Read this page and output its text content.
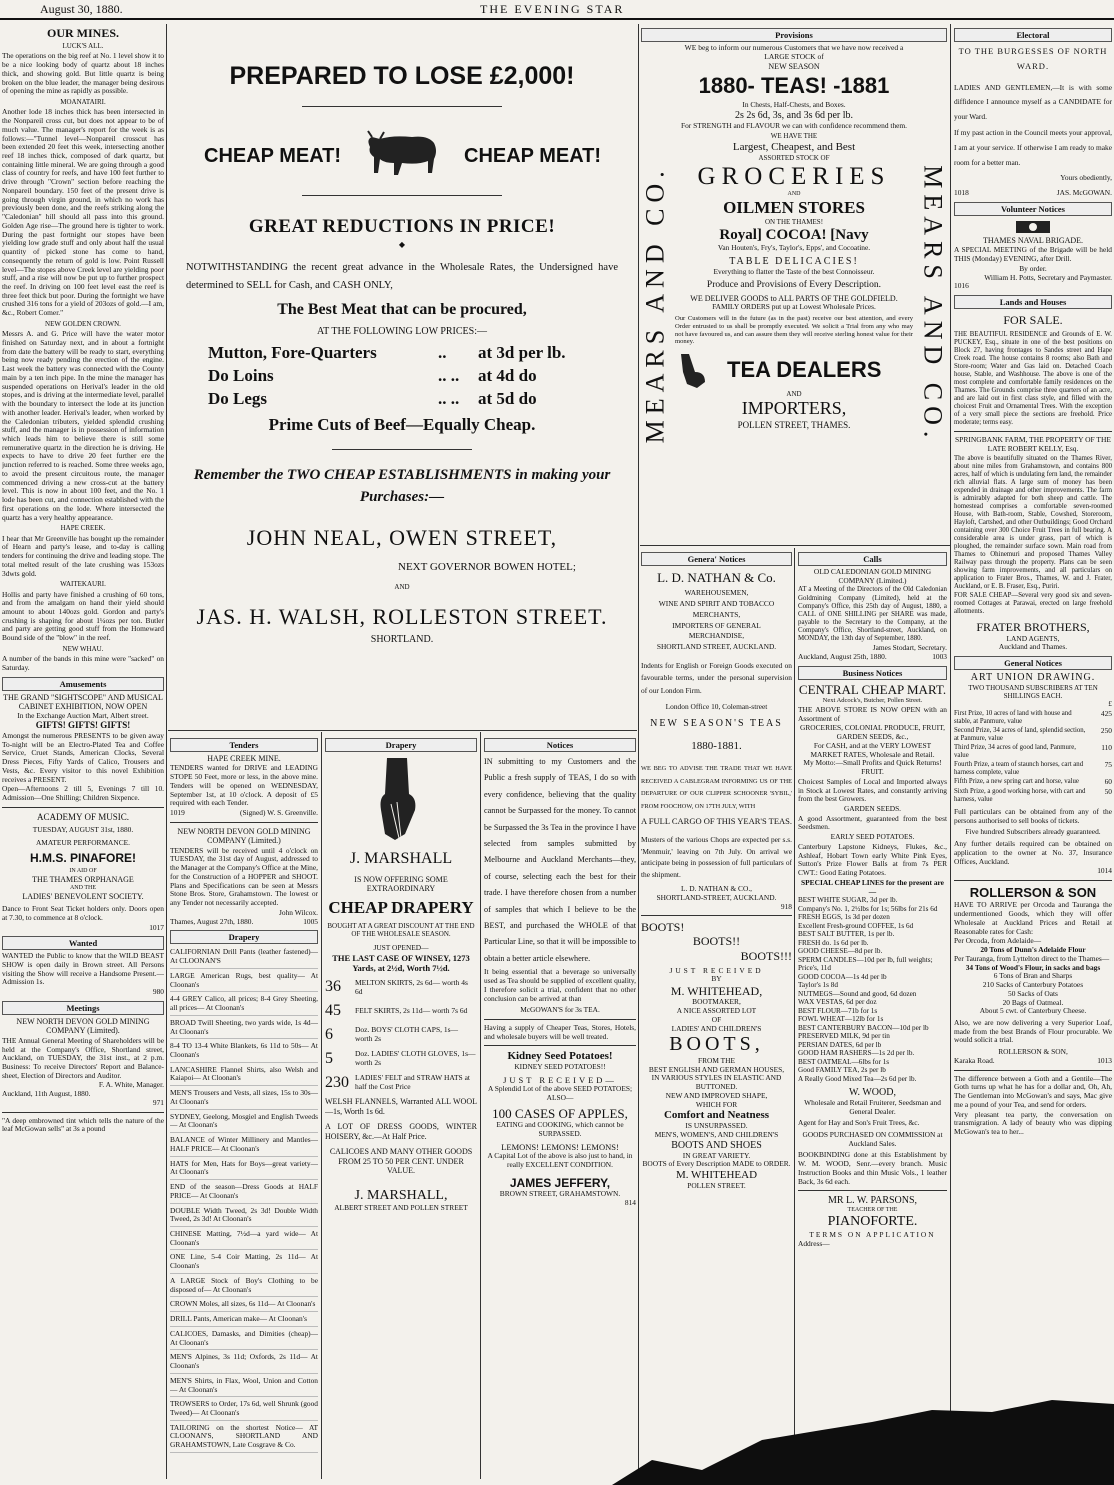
August 30, 1880.	THE EVENING STAR
OUR MINES.
LUCK'S ALL.
The operations on the big reef at No. 1 level show it to be a nice looking body of quartz about 18 inches thick, and showing gold. But little quartz is being broken on the blue leader, the manager being desirous of opening the mine as rapidly as possible.
MOANATAIRI.
Another lode 18 inches thick has been intersected in the Nonpareil cross cut, but does not appear to be of much value. The manager's report for the week is as follows:—"Tunnel level—Nonpareil crosscut has been extended 20 feet this week, intersecting another reef 18 inches thick, composed of dark quartz, but containing little mineral. We are going through a good class of country for reefs, and have 100 feet further to drive through "Crown" section before reaching the Nonpareil boundary. 150 feet of the present drive is going through virgin ground, in which no work has previously been done, and the reefs striking along the "Caledonian" hill should all pass into this ground. Golden Age rise—The ground here is tighter to work. During the past fortnight our stopes have been yielding low grade stuff and only about half the usual quantity of picked stone has come to hand, consequently the return of gold is low. Point Russell level—The stopes above Creek level are yielding poor stuff, and a rise will now be put up to further prospect the reef. In driving on 100 feet level east the reef is three feet thick but poor. During the fortnight we have crushed 316 tons for a yield of 203ozs of gold.—I am, &c., Robert Comer."
NEW GOLDEN CROWN.
Messrs A. and G. Price will have the water motor finished on Saturday next, and in about a fortnight from date the battery will be ready to start, everything being now ready pending the erection of the engine. Last week the battery was connected with the County main by a ten inch pipe. In the mine the manager has suspended operations on Herival's leader in the old stopes, and is driving at the intermediate level, parallel with the boundary to intersect the lode at its junction with another leader. Herival's leader, when worked by the Caledonian tributers, yielded splendid crushing stuff, and the manager is in possession of information which leads him to believe there is still some remunerative quartz in the direction he is driving. He expects to have to drive 20 feet further ere the junction referred to is reached. Some three weeks ago, to avoid the present circuitous route, the manager commenced driving a new cross-cut at the battery level. This is now in about 100 feet, and the No. 1 lode has been cut, and connection established with the first operations on the lode. Where intersected the quartz has a very healthy appearance.
HAPE CREEK.
I hear that Mr Greenville has bought up the remainder of Hearn and party's lease, and to-day is calling tenders for continuing the drive and leading stope. The total melted result of the late crushing was 153ozs 3dwts gold.
WAITEKAURI.
Hollis and party have finished a crushing of 60 tons, and from the amalgam on hand their yield should amount to about 140ozs gold. Gordon and party's crushing is shaping for about 1¼ozs per ton. Butler and party are getting good stuff from the Homeward Bound side of the "blow" in the reef.
NEW WHAU.
A number of the bands in this mine were "sacked" on Saturday.
Amusements
THE GRAND "SIGHTSCOPE" AND MUSICAL CABINET EXHIBITION, NOW OPEN
In the Exchange Auction Mart, Albert street.
GIFTS! GIFTS! GIFTS!
Amongst the numerous PRESENTS to be given away To-night will be an Electro-Plated Tea and Coffee Service, Cruet Stands, American Clocks, Several Dress Pieces, Fifty Yards of Calico, Trousers and Vests, &c. Every visitor to this novel Exhibition receives a PRESENT.
Open—Afternoons 2 till 5, Evenings 7 till 10. Admission—One Shilling; Children Sixpence.
ACADEMY OF MUSIC.
TUESDAY, AUGUST 31st, 1880.
AMATEUR PERFORMANCE.
H.M.S. PINAFORE!
IN AID OF
THE THAMES ORPHANAGE
AND THE
LADIES' BENEVOLENT SOCIETY.
Dance to Front Seat Ticket holders only. Doors open at 7.30, to commence at 8 o'clock.
1017
Wanted
WANTED the Public to know that the WILD BEAST SHOW is open daily in Brown street. All Persons visiting the Show will receive a Handsome Present.—Admission 1s.
980
Meetings
NEW NORTH DEVON GOLD MINING COMPANY (Limited).
THE Annual General Meeting of Shareholders will be held at the Company's Office, Shortland street, Auckland, on TUESDAY, the 31st inst., at 2 p.m. Business: To receive Directors' Report and Balance-sheet, Election of Directors and Auditor.
F. A. White, Manager.
Auckland, 11th August, 1880.
971
"A deep embrowned tint which tells the nature of the leaf McGowan sells" at 3s a pound
PREPARED TO LOSE £2,000!
CHEAP MEAT!	CHEAP MEAT!
GREAT REDUCTIONS IN PRICE!
◆
NOTWITHSTANDING the recent great advance in the Wholesale Rates, the Undersigned have determined to SELL for Cash, and CASH ONLY,
The Best Meat that can be procured,
AT THE FOLLOWING LOW PRICES:—
Mutton, Fore-Quarters	..	at 3d per lb.
Do Loins	.. ..	at 4d do
Do Legs	.. ..	at 5d do
Prime Cuts of Beef—Equally Cheap.
Remember the TWO CHEAP ESTABLISHMENTS in making your Purchases:—
JOHN NEAL, OWEN STREET,
NEXT GOVERNOR BOWEN HOTEL;
AND
JAS. H. WALSH, ROLLESTON STREET.
SHORTLAND.
Tenders
HAPE CREEK MINE.
TENDERS wanted for DRIVE and LEADING STOPE 50 Feet, more or less, in the above mine. Tenders will be opened on WEDNESDAY, September 1st, at 10 o'clock. A deposit of £5 required with each Tender.
1019	(Signed) W. S. Greenville.
NEW NORTH DEVON GOLD MINING COMPANY (Limited.)
TENDERS will be received until 4 o'clock on TUESDAY, the 31st day of August, addressed to the Manager at the Company's Office at the Mine, for the Construction of a HOPPER and SHOOT. Plans and Specifications can be seen at Messrs Stone Bros. Store, Grahamstown. The lowest or any Tender not necessarily accepted.
John Wilcox.
Thames, August 27th, 1880.	1005
Drapery
CALIFORNIAN Drill Pants (leather fastened)— At CLOONAN'S
LARGE American Rugs, best quality— At Cloonan's
4-4 GREY Calico, all prices; 8-4 Grey Sheeting, all prices— At Cloonan's
BROAD Twill Sheeting, two yards wide, 1s 4d— At Cloonan's
8-4 TO 13-4 White Blankets, 6s 11d to 50s— At Cloonan's
LANCASHIRE Flannel Shirts, also Welsh and Kaiapoi— At Cloonan's
MEN'S Trousers and Vests, all sizes, 15s to 30s— At Cloonan's
SYDNEY, Geelong, Mosgiel and English Tweeds— At Cloonan's
BALANCE of Winter Millinery and Mantles— HALF PRICE— At Cloonan's
HATS for Men, Hats for Boys—great variety— At Cloonan's
END of the season—Dress Goods at HALF PRICE— At Cloonan's
DOUBLE Width Tweed, 2s 3d! Double Width Tweed, 2s 3d! At Cloonan's
CHINESE Matting, 7½d—a yard wide— At Cloonan's
ONE Line, 5-4 Coir Matting, 2s 11d— At Cloonan's
A LARGE Stock of Boy's Clothing to be disposed of— At Cloonan's
CROWN Moles, all sizes, 6s 11d— At Cloonan's
DRILL Pants, American make— At Cloonan's
CALICOES, Damasks, and Dimities (cheap)— At Cloonan's
MEN'S Alpines, 3s 11d; Oxfords, 2s 11d— At Cloonan's
MEN'S Shirts, in Flax, Wool, Union and Cotton— At Cloonan's
TROWSERS to Order, 17s 6d, well Shrunk (good Tweed)— At Cloonan's
TAILORING on the shortest Notice— AT CLOONAN'S, SHORTLAND AND GRAHAMSTOWN, Late Cosgrave & Co.
Drapery
J. MARSHALL
IS NOW OFFERING SOME EXTRAORDINARY
CHEAP DRAPERY
BOUGHT AT A GREAT DISCOUNT AT THE END OF THE WHOLESALE SEASON.
JUST OPENED—
THE LAST CASE OF WINSEY, 1273 Yards, at 2½d, Worth 7½d.
36	MELTON SKIRTS, 2s 6d— worth 4s 6d
45	FELT SKIRTS, 2s 11d— worth 7s 6d
6	Doz. BOYS' CLOTH CAPS, 1s— worth 2s
5	Doz. LADIES' CLOTH GLOVES, 1s— worth 2s
230 LADIES' FELT and STRAW HATS at half the Cost Price
WELSH FLANNELS, Warranted ALL WOOL—1s, Worth 1s 6d.
A LOT OF DRESS GOODS, WINTER HOISERY, &c.—At Half Price.
CALICOES AND MANY OTHER GOODS FROM 25 TO 50 PER CENT. UNDER VALUE.
J. MARSHALL,
ALBERT STREET AND POLLEN STREET
Notices
IN submitting to my Customers and the Public a fresh supply of TEAS, I do so with every confidence, believing that the quality cannot be Surpassed for the money. To cannot be Surpassed the 3s Tea in the province I have selected from samples submitted by Melbourne and Auckland Merchants—they, of course, selecting each the best for their trade. I have therefore chosen from a number of samples that which I believe to be the BEST, and purchased the WHOLE of that Particular Line, so that it will be impossible to obtain a better article elsewhere.
It being essential that a beverage so universally used as Tea should be supplied of excellent quality, I therefore solicit a trial, confident that no other conclusion can be arrived at than
McGOWAN'S for 3s TEA.
Having a supply of Cheaper Teas, Stores, Hotels, and wholesale buyers will be well treated.
Kidney Seed Potatoes!
KIDNEY SEED POTATOES!!
JUST RECEIVED—
A Splendid Lot of the above SEED POTATOES; ALSO—
100 CASES OF APPLES,
EATING and COOKING, which cannot be SURPASSED.
LEMONS! LEMONS! LEMONS!
A Capital Lot of the above is also just to hand, in really EXCELLENT CONDITION.
JAMES JEFFERY,
BROWN STREET, GRAHAMSTOWN.
814
Provisions
MEARS AND CO.	MEARS AND CO.
WE beg to inform our numerous Customers that we have now received a LARGE STOCK of
NEW SEASON
1880- TEAS! -1881
In Chests, Half-Chests, and Boxes.
2s 2s 6d, 3s, and 3s 6d per lb.
For STRENGTH and FLAVOUR we can with confidence recommend them.
WE HAVE THE
Largest, Cheapest, and Best
ASSORTED STOCK OF
GROCERIES
AND
OILMEN STORES
ON THE THAMES!
Royal] COCOA! [Navy
Van Houten's, Fry's, Taylor's, Epps', and Cocoatine.
TABLE DELICACIES!
Everything to flatter the Taste of the best Connoisseur.
Produce and Provisions of Every Description.
WE DELIVER GOODS to ALL PARTS OF THE GOLDFIELD.
FAMILY ORDERS put up at Lowest Wholesale Prices.
Our Customers will in the future (as in the past) receive our best attention, and every Order entrusted to us shall be promptly executed. We solicit a Trial from any who may not have favoured us, and can assure them they will receive sterling honest value for their money.
TEA DEALERS
AND
IMPORTERS,
POLLEN STREET, THAMES.
Genera' Notices
L. D. NATHAN & Co.
WAREHOUSEMEN,
WINE AND SPIRIT AND TOBACCO
MERCHANTS,
IMPORTERS OF GENERAL
MERCHANDISE,
SHORTLAND STREET, AUCKLAND.
Indents for English or Foreign Goods executed on favourable terms, under the personal supervision of our London Firm.
London Office 10, Coleman-street
NEW SEASON'S TEAS
1880-1881.
WE BEG TO ADVISE THE TRADE THAT WE HAVE RECEIVED A CABLEGRAM INFORMING US OF THE DEPARTURE OF OUR CLIPPER SCHOONER 'SYBIL,' FROM FOOCHOW, ON 17TH JULY, WITH
A FULL CARGO OF THIS YEAR'S TEAS.
Musters of the various Chops are expected per s.s. 'Menmuir,' leaving on 7th July. On arrival we anticipate being in possession of full particulars of the shipment.
L. D. NATHAN & CO.,
SHORTLAND-STREET, AUCKLAND.
918
BOOTS!
BOOTS!!
BOOTS!!!
JUST RECEIVED
BY
M. WHITEHEAD,
BOOTMAKER,
A NICE ASSORTED LOT
OF
LADIES' AND CHILDREN'S
BOOTS,
FROM THE
BEST ENGLISH AND GERMAN HOUSES,
IN VARIOUS STYLES IN ELASTIC AND BUTTONED.
NEW AND IMPROVED SHAPE,
WHICH FOR
Comfort and Neatness
IS UNSURPASSED.
MEN'S, WOMEN'S, AND CHILDREN'S
BOOTS AND SHOES
IN GREAT VARIETY.
BOOTS of Every Description MADE to ORDER.
M. WHITEHEAD
POLLEN STREET.
Calls
OLD CALEDONIAN GOLD MINING COMPANY (Limited.)
AT a Meeting of the Directors of the Old Caledonian Goldmining Company (Limited), held at the Company's Office, this 25th day of August, 1880, a CALL of ONE SHILLING per SHARE was made, payable to the Secretary to the Company, at the Company's Office, Shortland-street, Auckland, on MONDAY, the 13th day of September, 1880.
James Stodart, Secretary.
Auckland, August 25th, 1880.	1003
Business Notices
CENTRAL CHEAP MART.
Next Adcock's, Butcher, Pollen Street.
THE ABOVE STORE IS NOW OPEN with an Assortment of
GROCERIES, COLONIAL PRODUCE, FRUIT, GARDEN SEEDS, &c.,
For CASH, and at the VERY LOWEST MARKET RATES, Wholesale and Retail.
My Motto:—Small Profits and Quick Returns!
FRUIT.
Choicest Samples of Local and Imported always in Stock at Lowest Rates, and constantly arriving from the best Growers.
GARDEN SEEDS.
A good Assortment, guaranteed from the best Seedsmen.
EARLY SEED POTATOES.
Canterbury Lapstone Kidneys, Flukes, &c., Ashleaf, Hobart Town early White Pink Eyes, Sutton's Prize Flower Balls at from 7s PER CWT.: Good Eating Potatoes.
SPECIAL CHEAP LINES for the present are—
BEST WHITE SUGAR, 3d per lb.
Company's No. 1, 2½lbs for 1s; 56lbs for 21s 6d
FRESH EGGS, 1s 3d per dozen
Excellent Fresh-ground COFFEE, 1s 6d
BEST SALT BUTTER, 1s per lb.
FRESH do. 1s 6d per lb.
GOOD CHEESE—8d per lb.
SPERM CANDLES—10d per lb, full weights; Price's, 11d
GOOD COCOA—1s 4d per lb
Taylor's 1s 8d
NUTMEGS—Sound and good, 6d dozen
WAX VESTAS, 6d per doz
BEST FLOUR—71b for 1s
FOWL WHEAT—12lb for 1s
BEST CANTERBURY BACON—10d per lb
PRESERVED MILK, 9d per tin
PERSIAN DATES, 6d per lb
GOOD HAM RASHERS—1s 2d per lb.
BEST OATMEAL—6lbs for 1s
Good FAMILY TEA, 2s per lb
A Really Good Mixed Tea—2s 6d per lb.
W. WOOD,
Wholesale and Retail Fruiterer, Seedsman and General Dealer.
Agent for Hay and Son's Fruit Trees, &c.
GOODS PURCHASED ON COMMISSION at Auckland Sales.
BOOKBINDING done at this Establishment by W. M. WOOD, Senr.—every branch. Music Instruction Books and thin Music Vols., 1 leather Back, 3s 6d each.
MR L. W. PARSONS,
TEACHER OF THE
PIANOFORTE.
TERMS ON APPLICATION
Address—
Electoral
TO THE BURGESSES OF NORTH WARD.
LADIES AND GENTLEMEN,—It is with some diffidence I announce myself as a CANDIDATE for your Ward.
If my past action in the Council meets your approval, I am at your service. If otherwise I am ready to make room for a better man.
Yours obediently,
1018	JAS. McGOWAN.
Volunteer Notices
THAMES NAVAL BRIGADE.
A SPECIAL MEETING of the Brigade will be held THIS (Monday) EVENING, after Drill.
By order.
William H. Potts, Secretary and Paymaster.
1016
Lands and Houses
FOR SALE.
THE BEAUTIFUL RESIDENCE and Grounds of E. W. PUCKEY, Esq., situate in one of the best positions on Block 27, having frontages to Sandes street and Hape Creek road. The house contains 8 rooms; also Bath and Store-room; Water and Gas laid on. Detached Coach house, Stable, and Washhouse. The above is one of the most complete and comfortable family residences on the Thames. The Grounds comprise three quarters of an acre, and are laid out in first class style, and filled with the choicest Fruit and Ornamental Trees. With the exception of a very small piece the sections are freehold. Price moderate; terms easy.
SPRINGBANK FARM, THE PROPERTY OF THE LATE ROBERT KELLY, Esq.
The above is beautifully situated on the Thames River, about nine miles from Grahamstown, and contains 800 acres, half of which is undulating fern land, the remainder rich alluvial flats. A large sum of money has been expended in drainage and other improvements. The farm is admirably adapted for both sheep and cattle. The homestead comprises a comfortable seven-roomed House, with Bath-room, Stable, Cowshed, Storeroom, Hayloft, Cartshed, and other Outbuildings; Good Orchard containing over 300 Choice Fruit Trees in full bearing. A considerable area is under grass, part of which is ploughed, the remainder surface sown. Main road from Thames to Ohinemuri and proposed Thames Valley Railway pass through the property. Plans can be seen showing farm improvements, and all particulars on application to Frater Bros., Thames, W. and J. Frater, Auckland, or E. B. Fraser, Esq., Puriri.
FOR SALE CHEAP—Several very good six and seven-roomed Cottages at Parawai, erected on large freehold allotments.
FRATER BROTHERS,
LAND AGENTS,
Auckland and Thames.
General Notices
ART UNION DRAWING.
TWO THOUSAND SUBSCRIBERS AT TEN SHILLINGS EACH.
£
First Prize, 10 acres of land with house and stable, at Panmure, value
425
Second Prize, 34 acres of land, splendid section, at Panmure, value
250
Third Prize, 34 acres of good land, Panmure, value
110
Fourth Prize, a team of staunch horses, cart and harness complete, value
75
Fifth Prize, a new spring cart and horse, value	60
Sixth Prize, a good working horse, with cart and harness, value
50
Full particulars can be obtained from any of the persons authorised to sell books of tickets.
Five hundred Subscribers already guaranteed.
Any further details required can be obtained on application to the owner at No. 37, Insurance Offices, Auckland.
1014
ROLLERSON & SON
HAVE TO ARRIVE per Orcoda and Tauranga the undermentioned Goods, which they will offer Wholesale at Auckland Prices and Retail at Reasonable rates for Cash:
Per Orcoda, from Adelaide—
20 Tons of Dunn's Adelaide Flour
Per Tauranga, from Lyttelton direct to the Thames—
34 Tons of Wood's Flour, in sacks and bags
6 Tons of Bran and Sharps
210 Sacks of Canterbury Potatoes
50 Sacks of Oats
20 Bags of Oatmeal.
About 5 cwt. of Canterbury Cheese.
Also, we are now delivering a very Superior Loaf, made from the best Brands of Flour procurable. We would solicit a trial.
ROLLERSON & SON,
Karaka Road.	1013
The difference between a Goth and a Gentile—The Goth turns up what he has for a dollar and, Oh, Ah, The Gentleman into McGowan's and says, Mac give me a pound of your Tea, and send for orders.
Very pleasant tea party, the conversation on transmigration. A lady of beauty who was dipping McGowan's tea to her...
